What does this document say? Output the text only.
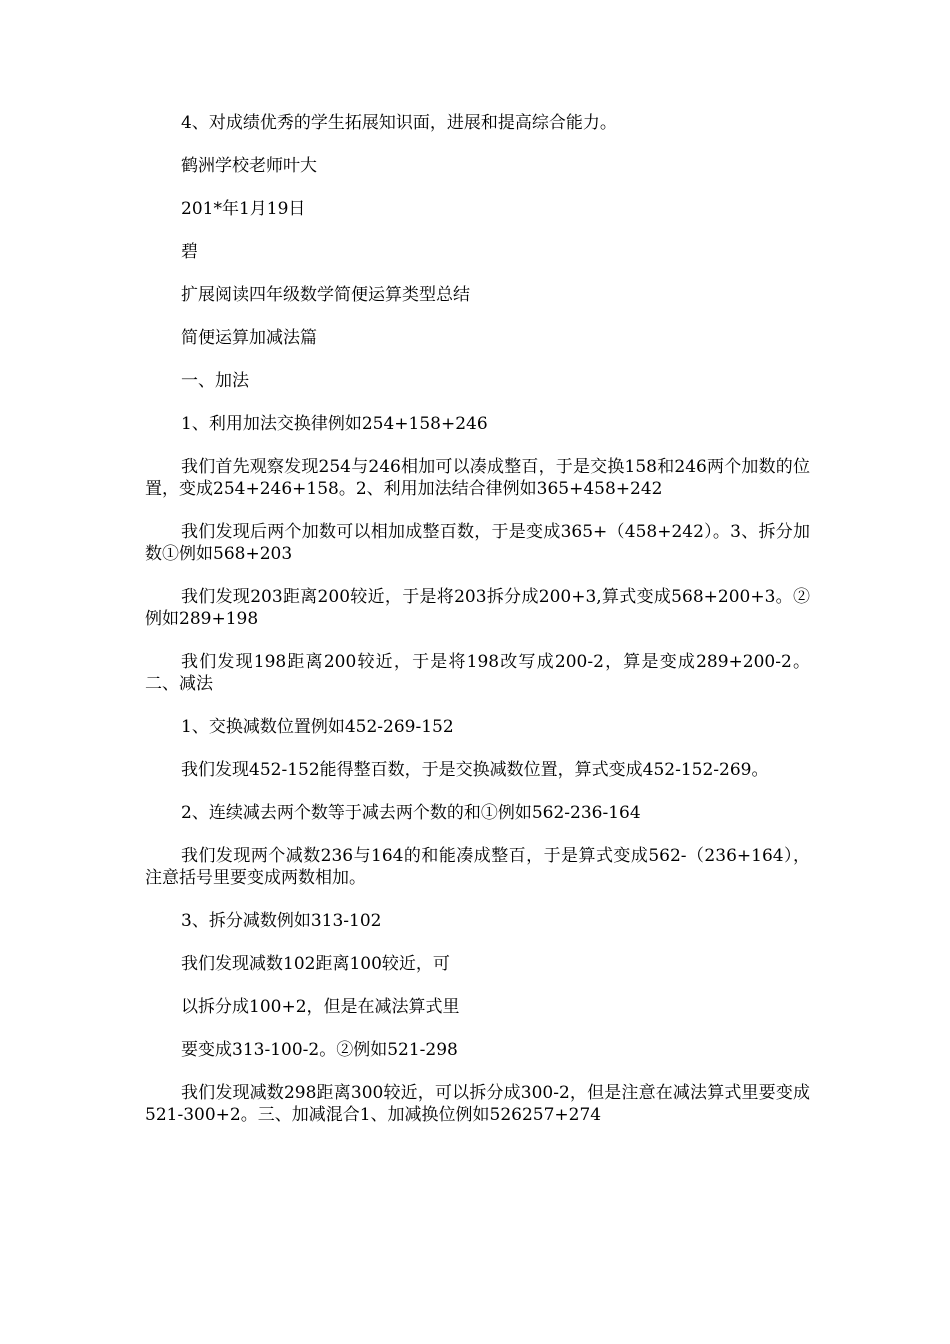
4、对成绩优秀的学生拓展知识面，进展和提高综合能力。

鹤洲学校老师叶大

201*年1月19日

碧

扩展阅读四年级数学简便运算类型总结

简便运算加减法篇

一、加法

1、利用加法交换律例如254+158+246

我们首先观察发现254与246相加可以凑成整百，于是交换158和246两个加数的位置，变成254+246+158。2、利用加法结合律例如365+458+242

我们发现后两个加数可以相加成整百数，于是变成365+（458+242）。3、拆分加数①例如568+203

我们发现203距离200较近，于是将203拆分成200+3,算式变成568+200+3。②例如289+198

我们发现198距离200较近，于是将198改写成200-2，算是变成289+200-2。二、减法

1、交换减数位置例如452-269-152

我们发现452-152能得整百数，于是交换减数位置，算式变成452-152-269。

2、连续减去两个数等于减去两个数的和①例如562-236-164

我们发现两个减数236与164的和能凑成整百，于是算式变成562-（236+164），注意括号里要变成两数相加。

3、拆分减数例如313-102

我们发现减数102距离100较近，可

以拆分成100+2，但是在减法算式里

要变成313-100-2。②例如521-298

我们发现减数298距离300较近，可以拆分成300-2，但是注意在减法算式里要变成521-300+2。三、加减混合1、加减换位例如526257+274
